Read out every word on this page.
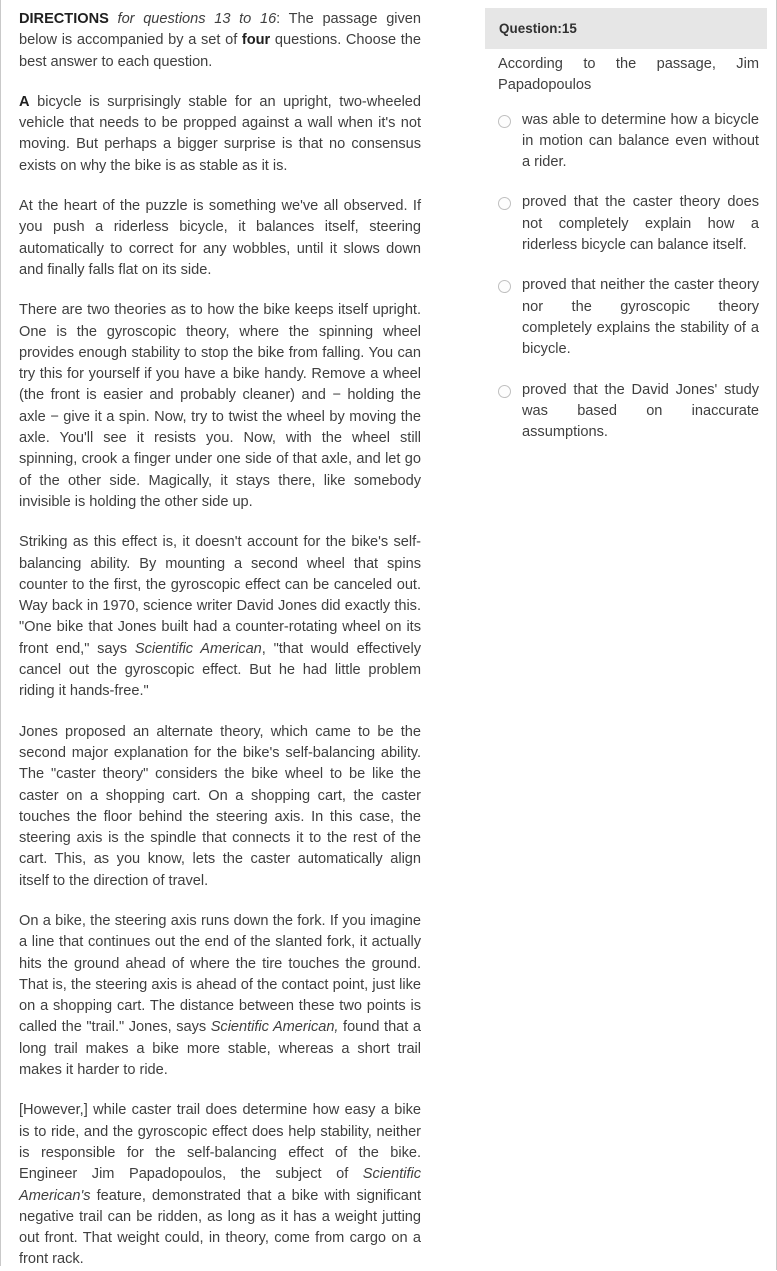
DIRECTIONS for questions 13 to 16: The passage given below is accompanied by a set of four questions. Choose the best answer to each question.

A bicycle is surprisingly stable for an upright, two-wheeled vehicle that needs to be propped against a wall when it's not moving. But perhaps a bigger surprise is that no consensus exists on why the bike is as stable as it is.

At the heart of the puzzle is something we've all observed. If you push a riderless bicycle, it balances itself, steering automatically to correct for any wobbles, until it slows down and finally falls flat on its side.

There are two theories as to how the bike keeps itself upright. One is the gyroscopic theory, where the spinning wheel provides enough stability to stop the bike from falling. You can try this for yourself if you have a bike handy. Remove a wheel (the front is easier and probably cleaner) and − holding the axle − give it a spin. Now, try to twist the wheel by moving the axle. You'll see it resists you. Now, with the wheel still spinning, crook a finger under one side of that axle, and let go of the other side. Magically, it stays there, like somebody invisible is holding the other side up.

Striking as this effect is, it doesn't account for the bike's self-balancing ability. By mounting a second wheel that spins counter to the first, the gyroscopic effect can be canceled out. Way back in 1970, science writer David Jones did exactly this. "One bike that Jones built had a counter-rotating wheel on its front end," says Scientific American, "that would effectively cancel out the gyroscopic effect. But he had little problem riding it hands-free."

Jones proposed an alternate theory, which came to be the second major explanation for the bike's self-balancing ability. The "caster theory" considers the bike wheel to be like the caster on a shopping cart. On a shopping cart, the caster touches the floor behind the steering axis. In this case, the steering axis is the spindle that connects it to the rest of the cart. This, as you know, lets the caster automatically align itself to the direction of travel.

On a bike, the steering axis runs down the fork. If you imagine a line that continues out the end of the slanted fork, it actually hits the ground ahead of where the tire touches the ground. That is, the steering axis is ahead of the contact point, just like on a shopping cart. The distance between these two points is called the "trail." Jones, says Scientific American, found that a long trail makes a bike more stable, whereas a short trail makes it harder to ride.

[However,] while caster trail does determine how easy a bike is to ride, and the gyroscopic effect does help stability, neither is responsible for the self-balancing effect of the bike. Engineer Jim Papadopoulos, the subject of Scientific American's feature, demonstrated that a bike with significant negative trail can be ridden, as long as it has a weight jutting out front. That weight could, in theory, come from cargo on a front rack.

Question:15

According to the passage, Jim Papadopoulos

was able to determine how a bicycle in motion can balance even without a rider.
proved that the caster theory does not completely explain how a riderless bicycle can balance itself.
proved that neither the caster theory nor the gyroscopic theory completely explains the stability of a bicycle.
proved that the David Jones' study was based on inaccurate assumptions.
